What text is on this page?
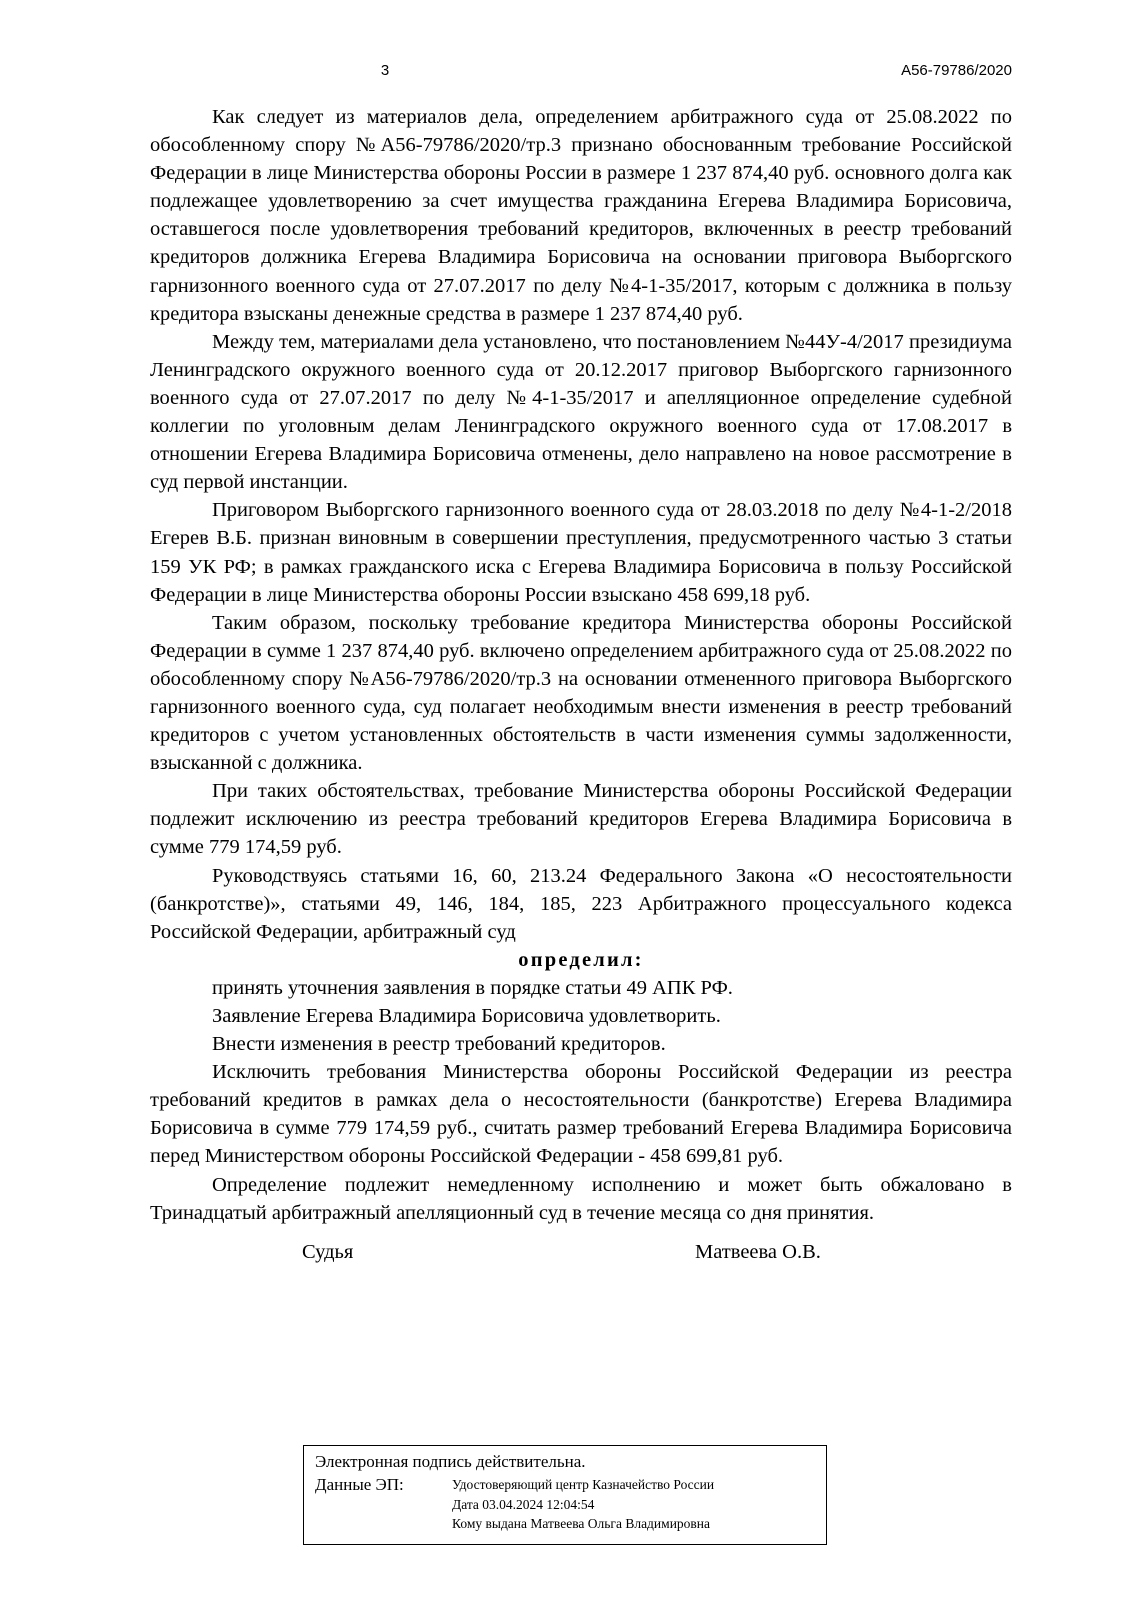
3	А56-79786/2020

Как следует из материалов дела, определением арбитражного суда от 25.08.2022 по обособленному спору №А56-79786/2020/тр.3 признано обоснованным требование Российской Федерации в лице Министерства обороны России в размере 1 237 874,40 руб. основного долга как подлежащее удовлетворению за счет имущества гражданина Егерева Владимира Борисовича, оставшегося после удовлетворения требований кредиторов, включенных в реестр требований кредиторов должника Егерева Владимира Борисовича на основании приговора Выборгского гарнизонного военного суда от 27.07.2017 по делу №4-1-35/2017, которым с должника в пользу кредитора взысканы денежные средства в размере 1 237 874,40 руб.

Между тем, материалами дела установлено, что постановлением №44У-4/2017 президиума Ленинградского окружного военного суда от 20.12.2017 приговор Выборгского гарнизонного военного суда от 27.07.2017 по делу №4-1-35/2017 и апелляционное определение судебной коллегии по уголовным делам Ленинградского окружного военного суда от 17.08.2017 в отношении Егерева Владимира Борисовича отменены, дело направлено на новое рассмотрение в суд первой инстанции.

Приговором Выборгского гарнизонного военного суда от 28.03.2018 по делу №4-1-2/2018 Егерев В.Б. признан виновным в совершении преступления, предусмотренного частью 3 статьи 159 УК РФ; в рамках гражданского иска с Егерева Владимира Борисовича в пользу Российской Федерации в лице Министерства обороны России взыскано 458 699,18 руб.

Таким образом, поскольку требование кредитора Министерства обороны Российской Федерации в сумме 1 237 874,40 руб. включено определением арбитражного суда от 25.08.2022 по обособленному спору №А56-79786/2020/тр.3 на основании отмененного приговора Выборгского гарнизонного военного суда, суд полагает необходимым внести изменения в реестр требований кредиторов с учетом установленных обстоятельств в части изменения суммы задолженности, взысканной с должника.

При таких обстоятельствах, требование Министерства обороны Российской Федерации подлежит исключению из реестра требований кредиторов Егерева Владимира Борисовича в сумме 779 174,59 руб.

Руководствуясь статьями 16, 60, 213.24 Федерального Закона «О несостоятельности (банкротстве)», статьями 49, 146, 184, 185, 223 Арбитражного процессуального кодекса Российской Федерации, арбитражный суд

определил:

принять уточнения заявления в порядке статьи 49 АПК РФ.

Заявление Егерева Владимира Борисовича удовлетворить.

Внести изменения в реестр требований кредиторов.

Исключить требования Министерства обороны Российской Федерации из реестра требований кредитов в рамках дела о несостоятельности (банкротстве) Егерева Владимира Борисовича в сумме 779 174,59 руб., считать размер требований Егерева Владимира Борисовича перед Министерством обороны Российской Федерации - 458 699,81 руб.

Определение подлежит немедленному исполнению и может быть обжаловано в Тринадцатый арбитражный апелляционный суд в течение месяца со дня принятия.

Судья	Матвеева О.В.
Электронная подпись действительна.
Данные ЭП:	Удостоверяющий центр Казначейство России
Дата 03.04.2024 12:04:54
Кому выдана Матвеева Ольга Владимировна
